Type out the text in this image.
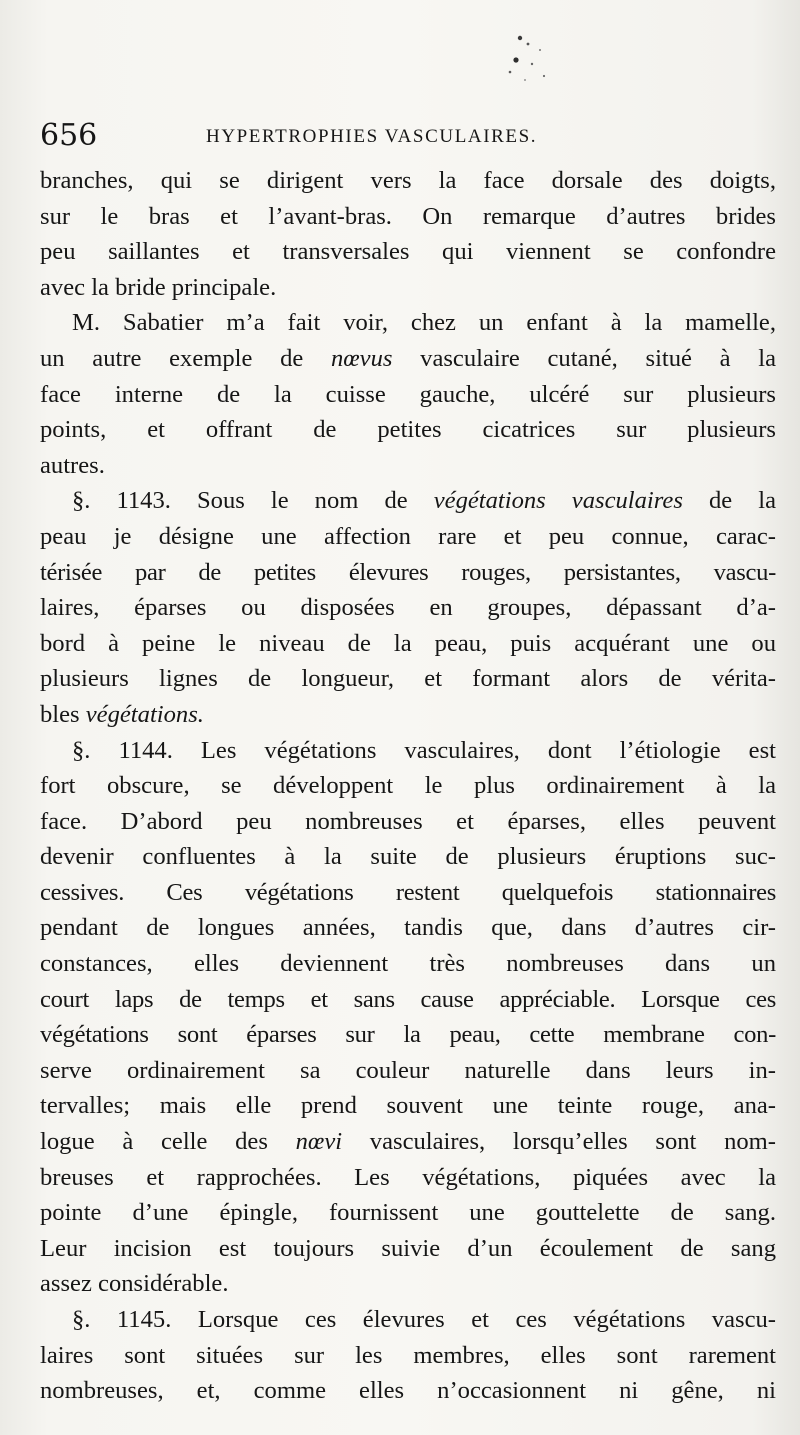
656	HYPERTROPHIES VASCULAIRES.
branches, qui se dirigent vers la face dorsale des doigts,
sur le bras et l’avant-bras. On remarque d’autres brides
peu saillantes et transversales qui viennent se confondre
avec la bride principale.
M. Sabatier m’a fait voir, chez un enfant à la mamelle,
un autre exemple de nœvus vasculaire cutané, situé à la
face interne de la cuisse gauche, ulcéré sur plusieurs
points, et offrant de petites cicatrices sur plusieurs
autres.
§. 1143. Sous le nom de végétations vasculaires de la
peau je désigne une affection rare et peu connue, carac-
térisée par de petites élevures rouges, persistantes, vascu-
laires, éparses ou disposées en groupes, dépassant d’a-
bord à peine le niveau de la peau, puis acquérant une ou
plusieurs lignes de longueur, et formant alors de vérita-
bles végétations.
§. 1144. Les végétations vasculaires, dont l’étiologie est
fort obscure, se développent le plus ordinairement à la
face. D’abord peu nombreuses et éparses, elles peuvent
devenir confluentes à la suite de plusieurs éruptions suc-
cessives. Ces végétations restent quelquefois stationnaires
pendant de longues années, tandis que, dans d’autres cir-
constances, elles deviennent très nombreuses dans un
court laps de temps et sans cause appréciable. Lorsque ces
végétations sont éparses sur la peau, cette membrane con-
serve ordinairement sa couleur naturelle dans leurs in-
tervalles; mais elle prend souvent une teinte rouge, ana-
logue à celle des nœvi vasculaires, lorsqu’elles sont nom-
breuses et rapprochées. Les végétations, piquées avec la
pointe d’une épingle, fournissent une gouttelette de sang.
Leur incision est toujours suivie d’un écoulement de sang
assez considérable.
§. 1145. Lorsque ces élevures et ces végétations vascu-
laires sont situées sur les membres, elles sont rarement
nombreuses, et, comme elles n’occasionnent ni gêne, ni
